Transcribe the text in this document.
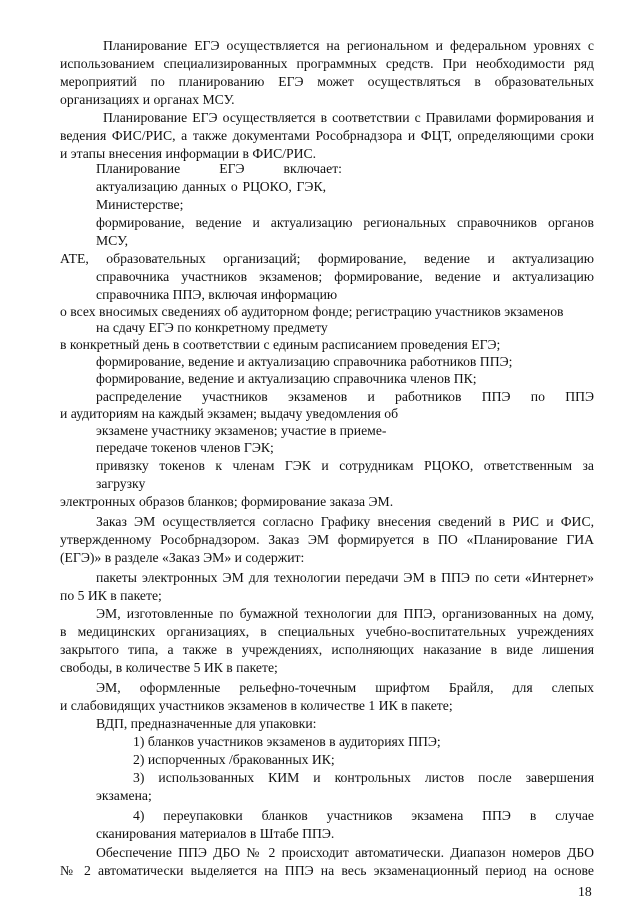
Планирование ЕГЭ осуществляется на региональном и федеральном уровнях с
использованием специализированных программных средств. При необходимости ряд
мероприятий по планированию ЕГЭ может осуществляться в образовательных
организациях и органах МСУ.
Планирование ЕГЭ осуществляется в соответствии с Правилами формирования и
ведения ФИС/РИС, а также документами Рособрнадзора и ФЦТ, определяющими сроки
и этапы внесения информации в ФИС/РИС.
Планирование ЕГЭ включает:
актуализацию данных о РЦОКО, ГЭК,
Министерстве;
формирование, ведение и актуализацию региональных справочников органов
МСУ,
АТЕ, образовательных организаций; формирование, ведение и актуализацию
справочника участников экзаменов; формирование, ведение и актуализацию
справочника ППЭ, включая информацию
о всех вносимых сведениях об аудиторном фонде; регистрацию участников экзаменов
на сдачу ЕГЭ по конкретному предмету
в конкретный день в соответствии с единым расписанием проведения ЕГЭ;
формирование, ведение и актуализацию справочника работников ППЭ;
формирование, ведение и актуализацию справочника членов ПК;
распределение участников экзаменов и работников ППЭ по ППЭ
и аудиториям на каждый экзамен; выдачу уведомления об
экзамене участнику экзаменов; участие в приеме-
передаче токенов членов ГЭК;
привязку токенов к членам ГЭК и сотрудникам РЦОКО, ответственным за
загрузку
электронных образов бланков; формирование заказа ЭМ.
Заказ ЭМ осуществляется согласно Графику внесения сведений в РИС и ФИС,
утвержденному Рособрнадзором. Заказ ЭМ формируется в ПО «Планирование ГИА
(ЕГЭ)» в разделе «Заказ ЭМ» и содержит:
пакеты электронных ЭМ для технологии передачи ЭМ в ППЭ по сети «Интернет»
по 5 ИК в пакете;
ЭМ, изготовленные по бумажной технологии для ППЭ, организованных на дому,
в медицинских организациях, в специальных учебно-воспитательных учреждениях
закрытого типа, а также в учреждениях, исполняющих наказание в виде лишения
свободы, в количестве 5 ИК в пакете;
ЭМ, оформленные рельефно-точечным шрифтом Брайля, для слепых
и слабовидящих участников экзаменов в количестве 1 ИК в пакете;
ВДП, предназначенные для упаковки:
1) бланков участников экзаменов в аудиториях ППЭ;
2) испорченных /бракованных ИК;
3) использованных КИМ и контрольных листов после завершения
экзамена;
4) переупаковки бланков участников экзамена ППЭ в случае
сканирования материалов в Штабе ППЭ.
Обеспечение ППЭ ДБО № 2 происходит автоматически. Диапазон номеров ДБО
№ 2 автоматически выделяется на ППЭ на весь экзаменационный период на основе
18
